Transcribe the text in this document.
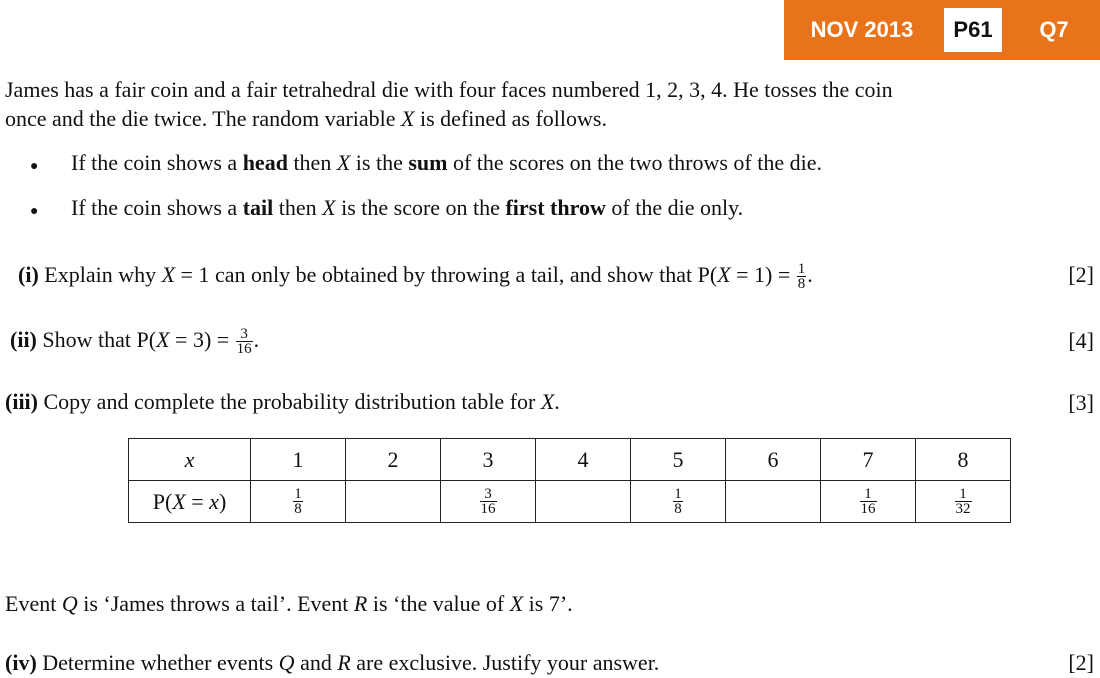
NOV 2013	P61	Q7
James has a fair coin and a fair tetrahedral die with four faces numbered 1, 2, 3, 4. He tosses the coin
once and the die twice. The random variable X is defined as follows.
● If the coin shows a head then X is the sum of the scores on the two throws of the die.
● If the coin shows a tail then X is the score on the first throw of the die only.
(i) Explain why X = 1 can only be obtained by throwing a tail, and show that $P(X = 1) = \frac{1}{8}$ .	[2]
(ii) Show that $P(X = 3) = \frac{3}{16}$ .	[4]
(iii) Copy and complete the probability distribution table for X.	[3]
x	1	2	3	4	5	6	7	8
P(X = x)	$\frac{1}{8}$		$\frac{3}{16}$		$\frac{1}{8}$		$\frac{1}{16}$	$\frac{1}{32}$
Event Q is ‘James throws a tail’. Event R is ‘the value of X is 7’.
(iv) Determine whether events Q and R are exclusive. Justify your answer.	[2]
